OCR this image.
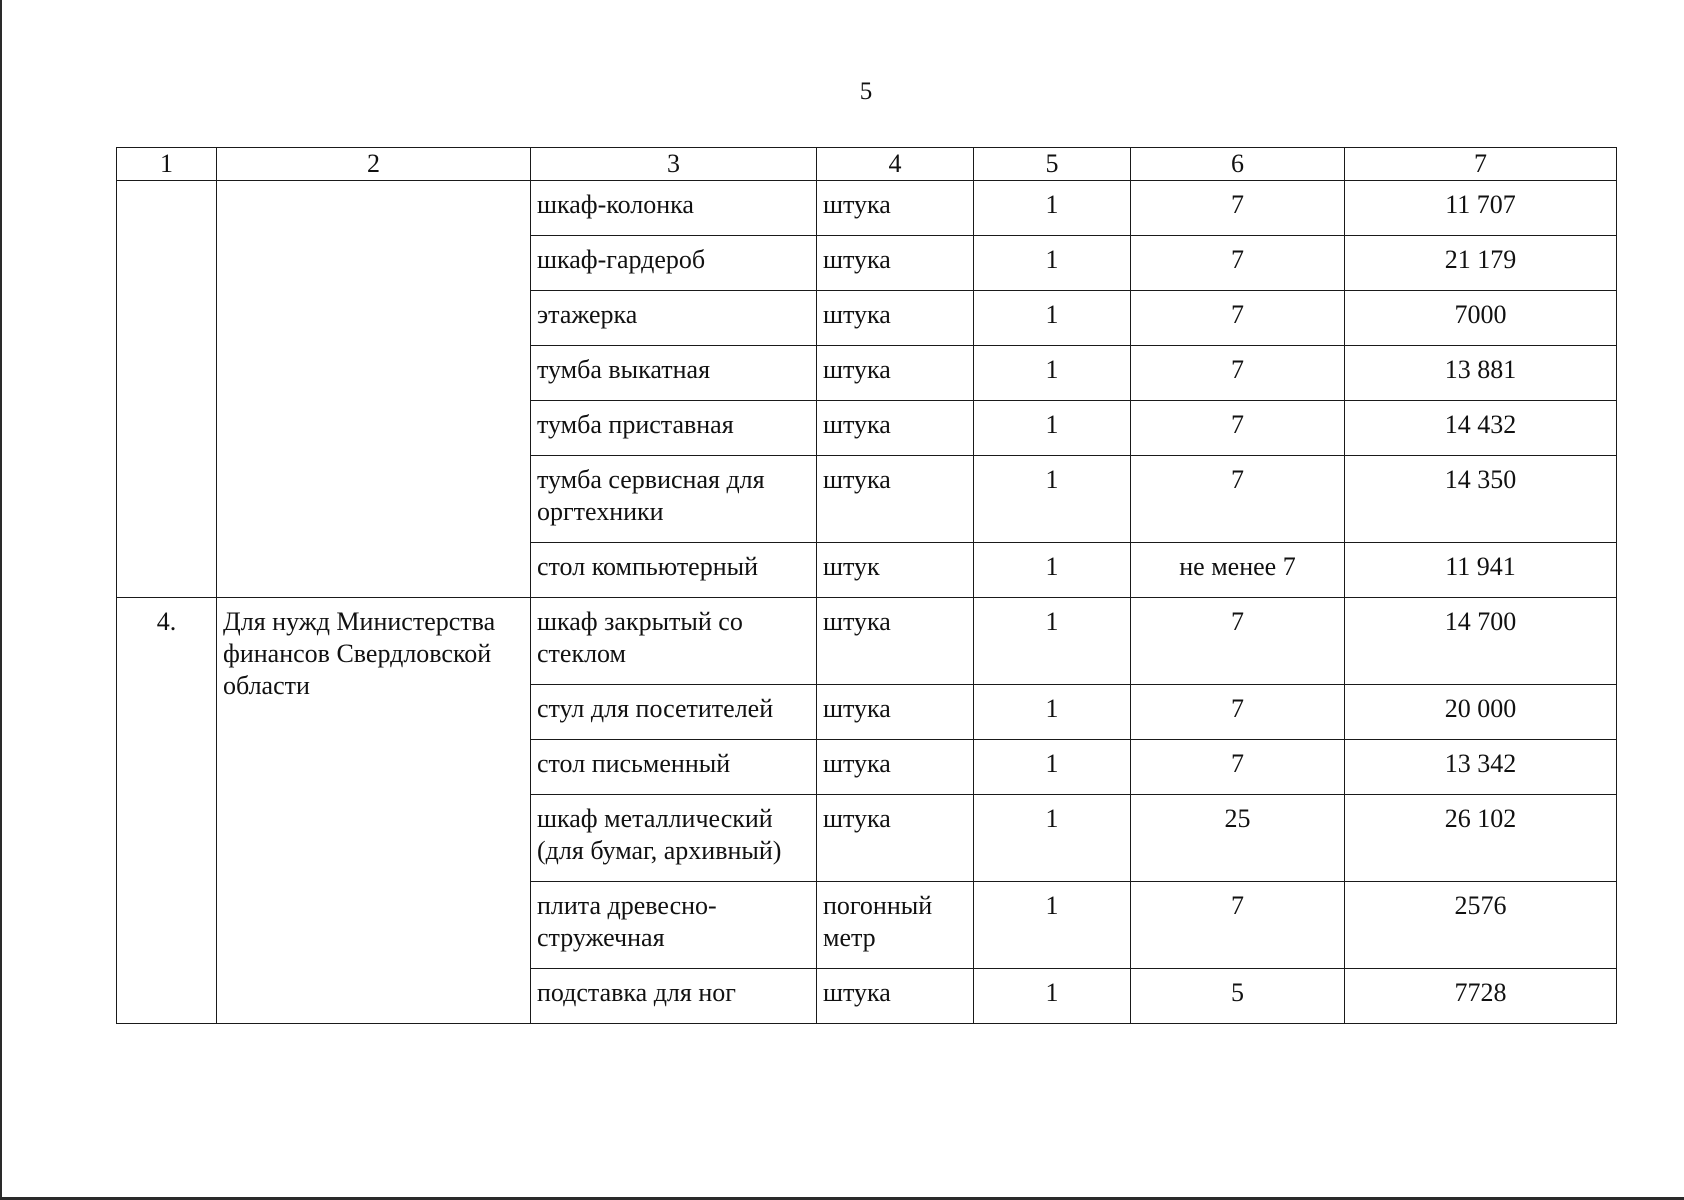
5
1	2	3	4	5	6	7
		шкаф-колонка	штука	1	7	11 707
		шкаф-гардероб	штука	1	7	21 179
		этажерка	штука	1	7	7000
		тумба выкатная	штука	1	7	13 881
		тумба приставная	штука	1	7	14 432
		тумба сервисная для оргтехники	штука	1	7	14 350
		стол компьютерный	штук	1	не менее 7	11 941
4.	Для нужд Министерства финансов Свердловской области	шкаф закрытый со стеклом	штука	1	7	14 700
		стул для посетителей	штука	1	7	20 000
		стол письменный	штука	1	7	13 342
		шкаф металлический (для бумаг, архивный)	штука	1	25	26 102
		плита древесно-стружечная	погонный метр	1	7	2576
		подставка для ног	штука	1	5	7728
